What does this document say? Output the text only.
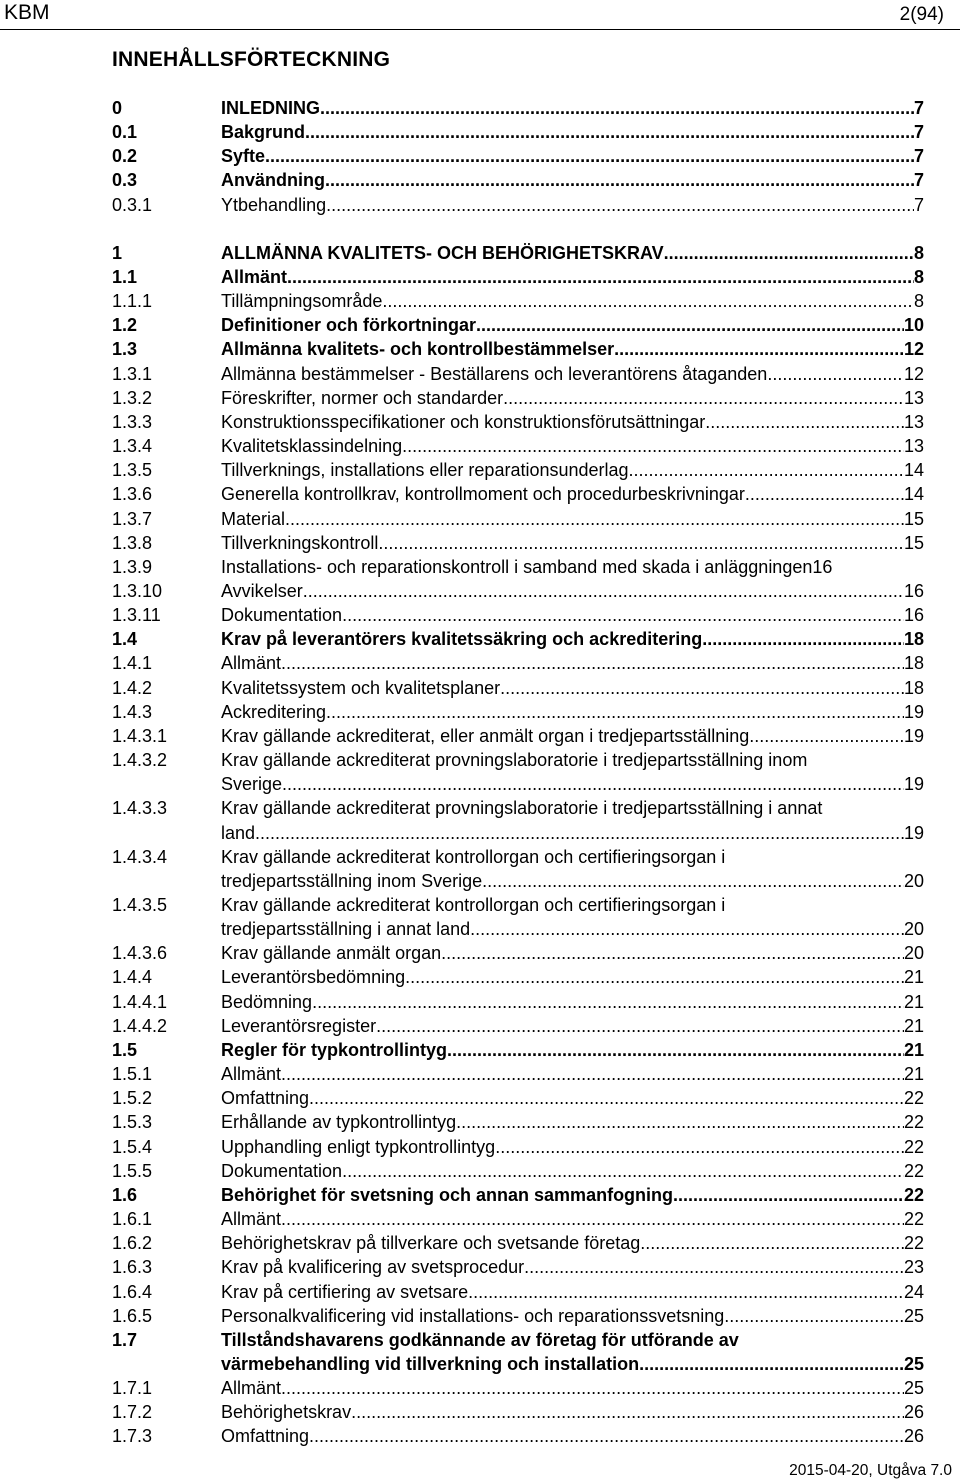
KBM	2(94)
INNEHÅLLSFÖRTECKNING
0	INLEDNING .....	7
0.1	Bakgrund .....	7
0.2	Syfte .....	7
0.3	Användning .....	7
0.3.1	Ytbehandling .....	7
1	ALLMÄNNA KVALITETS- OCH BEHÖRIGHETSKRAV .....	8
1.1	Allmänt .....	8
1.1.1	Tillämpningsområde .....	8
1.2	Definitioner och förkortningar .....	10
1.3	Allmänna kvalitets- och kontrollbestämmelser .....	12
1.3.1	Allmänna bestämmelser - Beställarens och leverantörens åtaganden .....	12
1.3.2	Föreskrifter, normer och standarder .....	13
1.3.3	Konstruktionsspecifikationer och konstruktionsförutsättningar .....	13
1.3.4	Kvalitetsklassindelning .....	13
1.3.5	Tillverknings, installations eller reparationsunderlag .....	14
1.3.6	Generella kontrollkrav, kontrollmoment och procedurbeskrivningar .....	14
1.3.7	Material .....	15
1.3.8	Tillverkningskontroll .....	15
1.3.9	Installations- och reparationskontroll i samband med skada i anläggningen 16
1.3.10	Avvikelser .....	16
1.3.11	Dokumentation .....	16
1.4	Krav på leverantörers kvalitetssäkring och ackreditering .....	18
1.4.1	Allmänt .....	18
1.4.2	Kvalitetssystem och kvalitetsplaner .....	18
1.4.3	Ackreditering .....	19
1.4.3.1	Krav gällande ackrediterat, eller anmält organ i tredjepartsställning .....	19
1.4.3.2	Krav gällande ackrediterat provningslaboratorie i tredjepartsställning inom
Sverige .....	19
1.4.3.3	Krav gällande ackrediterat provningslaboratorie i tredjepartsställning i annat
land .....	19
1.4.3.4	Krav gällande ackrediterat kontrollorgan och certifieringsorgan i
tredjepartsställning inom Sverige .....	20
1.4.3.5	Krav gällande ackrediterat kontrollorgan och certifieringsorgan i
tredjepartsställning i annat land .....	20
1.4.3.6	Krav gällande anmält organ .....	20
1.4.4	Leverantörsbedömning .....	21
1.4.4.1	Bedömning .....	21
1.4.4.2	Leverantörsregister .....	21
1.5	Regler för typkontrollintyg .....	21
1.5.1	Allmänt .....	21
1.5.2	Omfattning .....	22
1.5.3	Erhållande av typkontrollintyg .....	22
1.5.4	Upphandling enligt typkontrollintyg .....	22
1.5.5	Dokumentation .....	22
1.6	Behörighet för svetsning och annan sammanfogning .....	22
1.6.1	Allmänt .....	22
1.6.2	Behörighetskrav på tillverkare och svetsande företag .....	22
1.6.3	Krav på kvalificering av svetsprocedur .....	23
1.6.4	Krav på certifiering av svetsare .....	24
1.6.5	Personalkvalificering vid installations- och reparationssvetsning .....	25
1.7	Tillståndshavarens godkännande av företag för utförande av
värmebehandling vid tillverkning och installation .....	25
1.7.1	Allmänt .....	25
1.7.2	Behörighetskrav .....	26
1.7.3	Omfattning .....	26
2015-04-20, Utgåva 7.0
